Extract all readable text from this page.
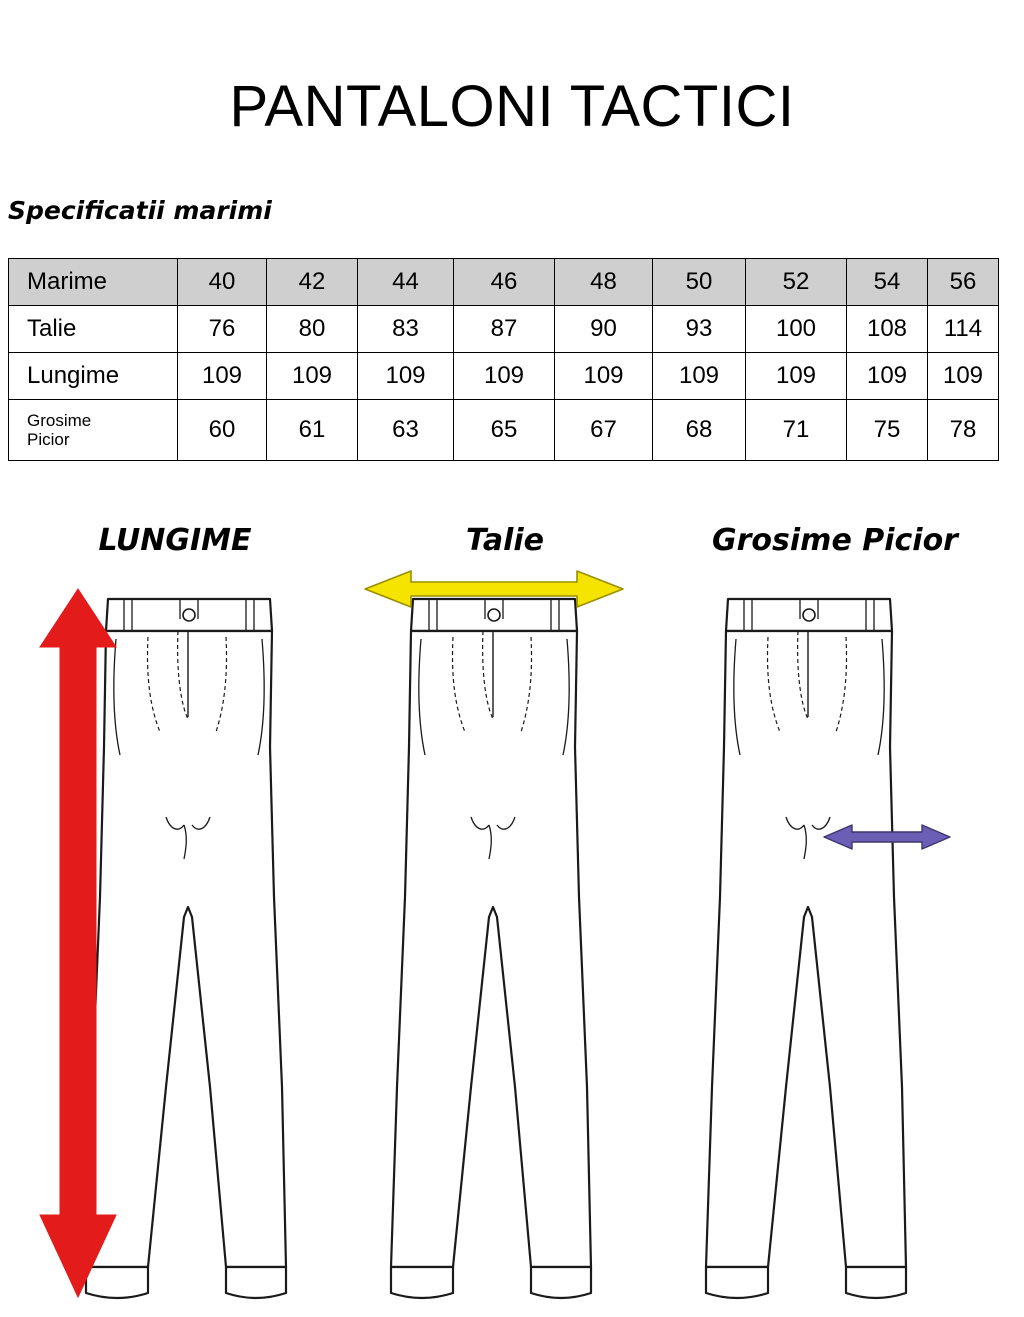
PANTALONI TACTICI
Specificatii marimi
Marime	40	42	44	46	48	50	52	54	56
Talie	76	80	83	87	90	93	100	108	114
Lungime	109	109	109	109	109	109	109	109	109

Grosime
Picior	60	61	63	65	67	68	71	75	78
LUNGIME	Talie	Grosime Picior
